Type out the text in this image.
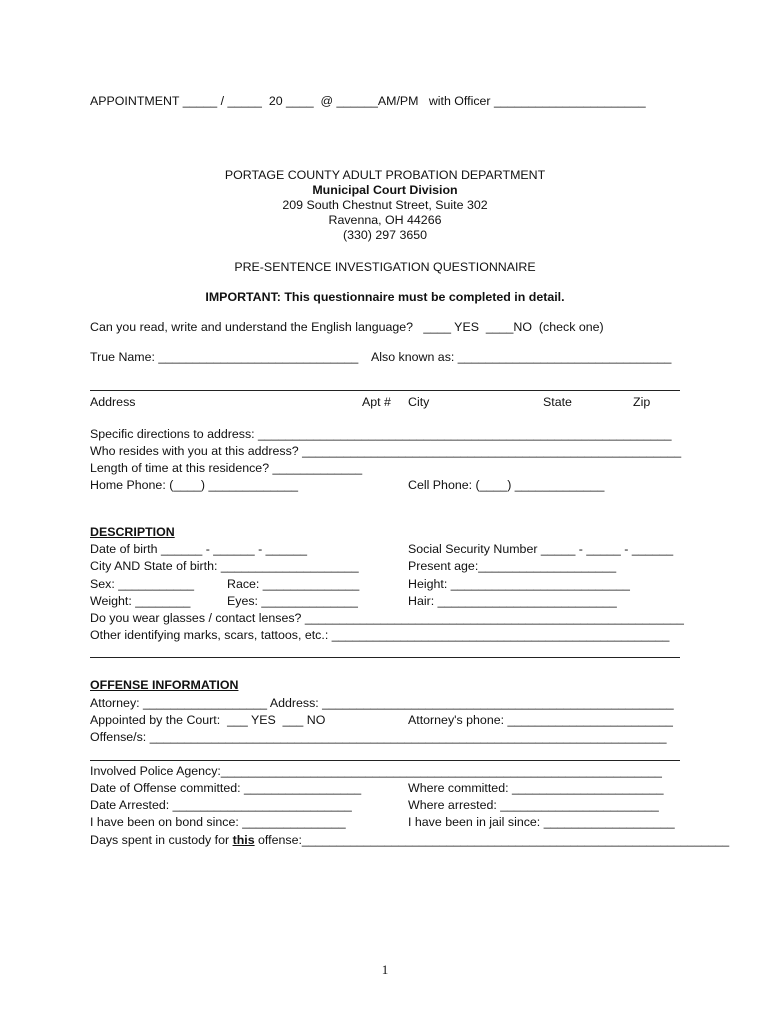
APPOINTMENT _____ / _____  20 ____  @ ______AM/PM   with Officer ______________________
PORTAGE COUNTY ADULT PROBATION DEPARTMENT
Municipal Court Division
209 South Chestnut Street, Suite 302
Ravenna, OH 44266
(330) 297 3650
PRE-SENTENCE INVESTIGATION QUESTIONNAIRE
IMPORTANT: This questionnaire must be completed in detail.
Can you read, write and understand the English language?   ____ YES  ____NO  (check one)
True Name: _____________________________ Also known as: _______________________________
Address	Apt # City	State	Zip
Specific directions to address: ____________________________________________________________
Who resides with you at this address? _______________________________________________________
Length of time at this residence? _____________
Home Phone: (____) _____________	Cell Phone: (____) _____________
DESCRIPTION
Date of birth ______ - ______ - ______	Social Security Number _____ - _____ - ______
City AND State of birth: ____________________	Present age:____________________
Sex: ___________	Race: ______________	Height: __________________________
Weight: ________	Eyes: ______________	Hair: __________________________
Do you wear glasses / contact lenses? _______________________________________________________
Other identifying marks, scars, tattoos, etc.: _________________________________________________
OFFENSE INFORMATION
Attorney: __________________ Address: ___________________________________________________
Appointed by the Court:  ___ YES  ___ NO	Attorney's phone: ________________________
Offense/s: ___________________________________________________________________________
Involved Police Agency:________________________________________________________________
Date of Offense committed: _________________	Where committed: ______________________
Date Arrested: __________________________	Where arrested: _______________________
I have been on bond since: _______________	I have been in jail since: ___________________
Days spent in custody for this offense:______________________________________________________________
1
